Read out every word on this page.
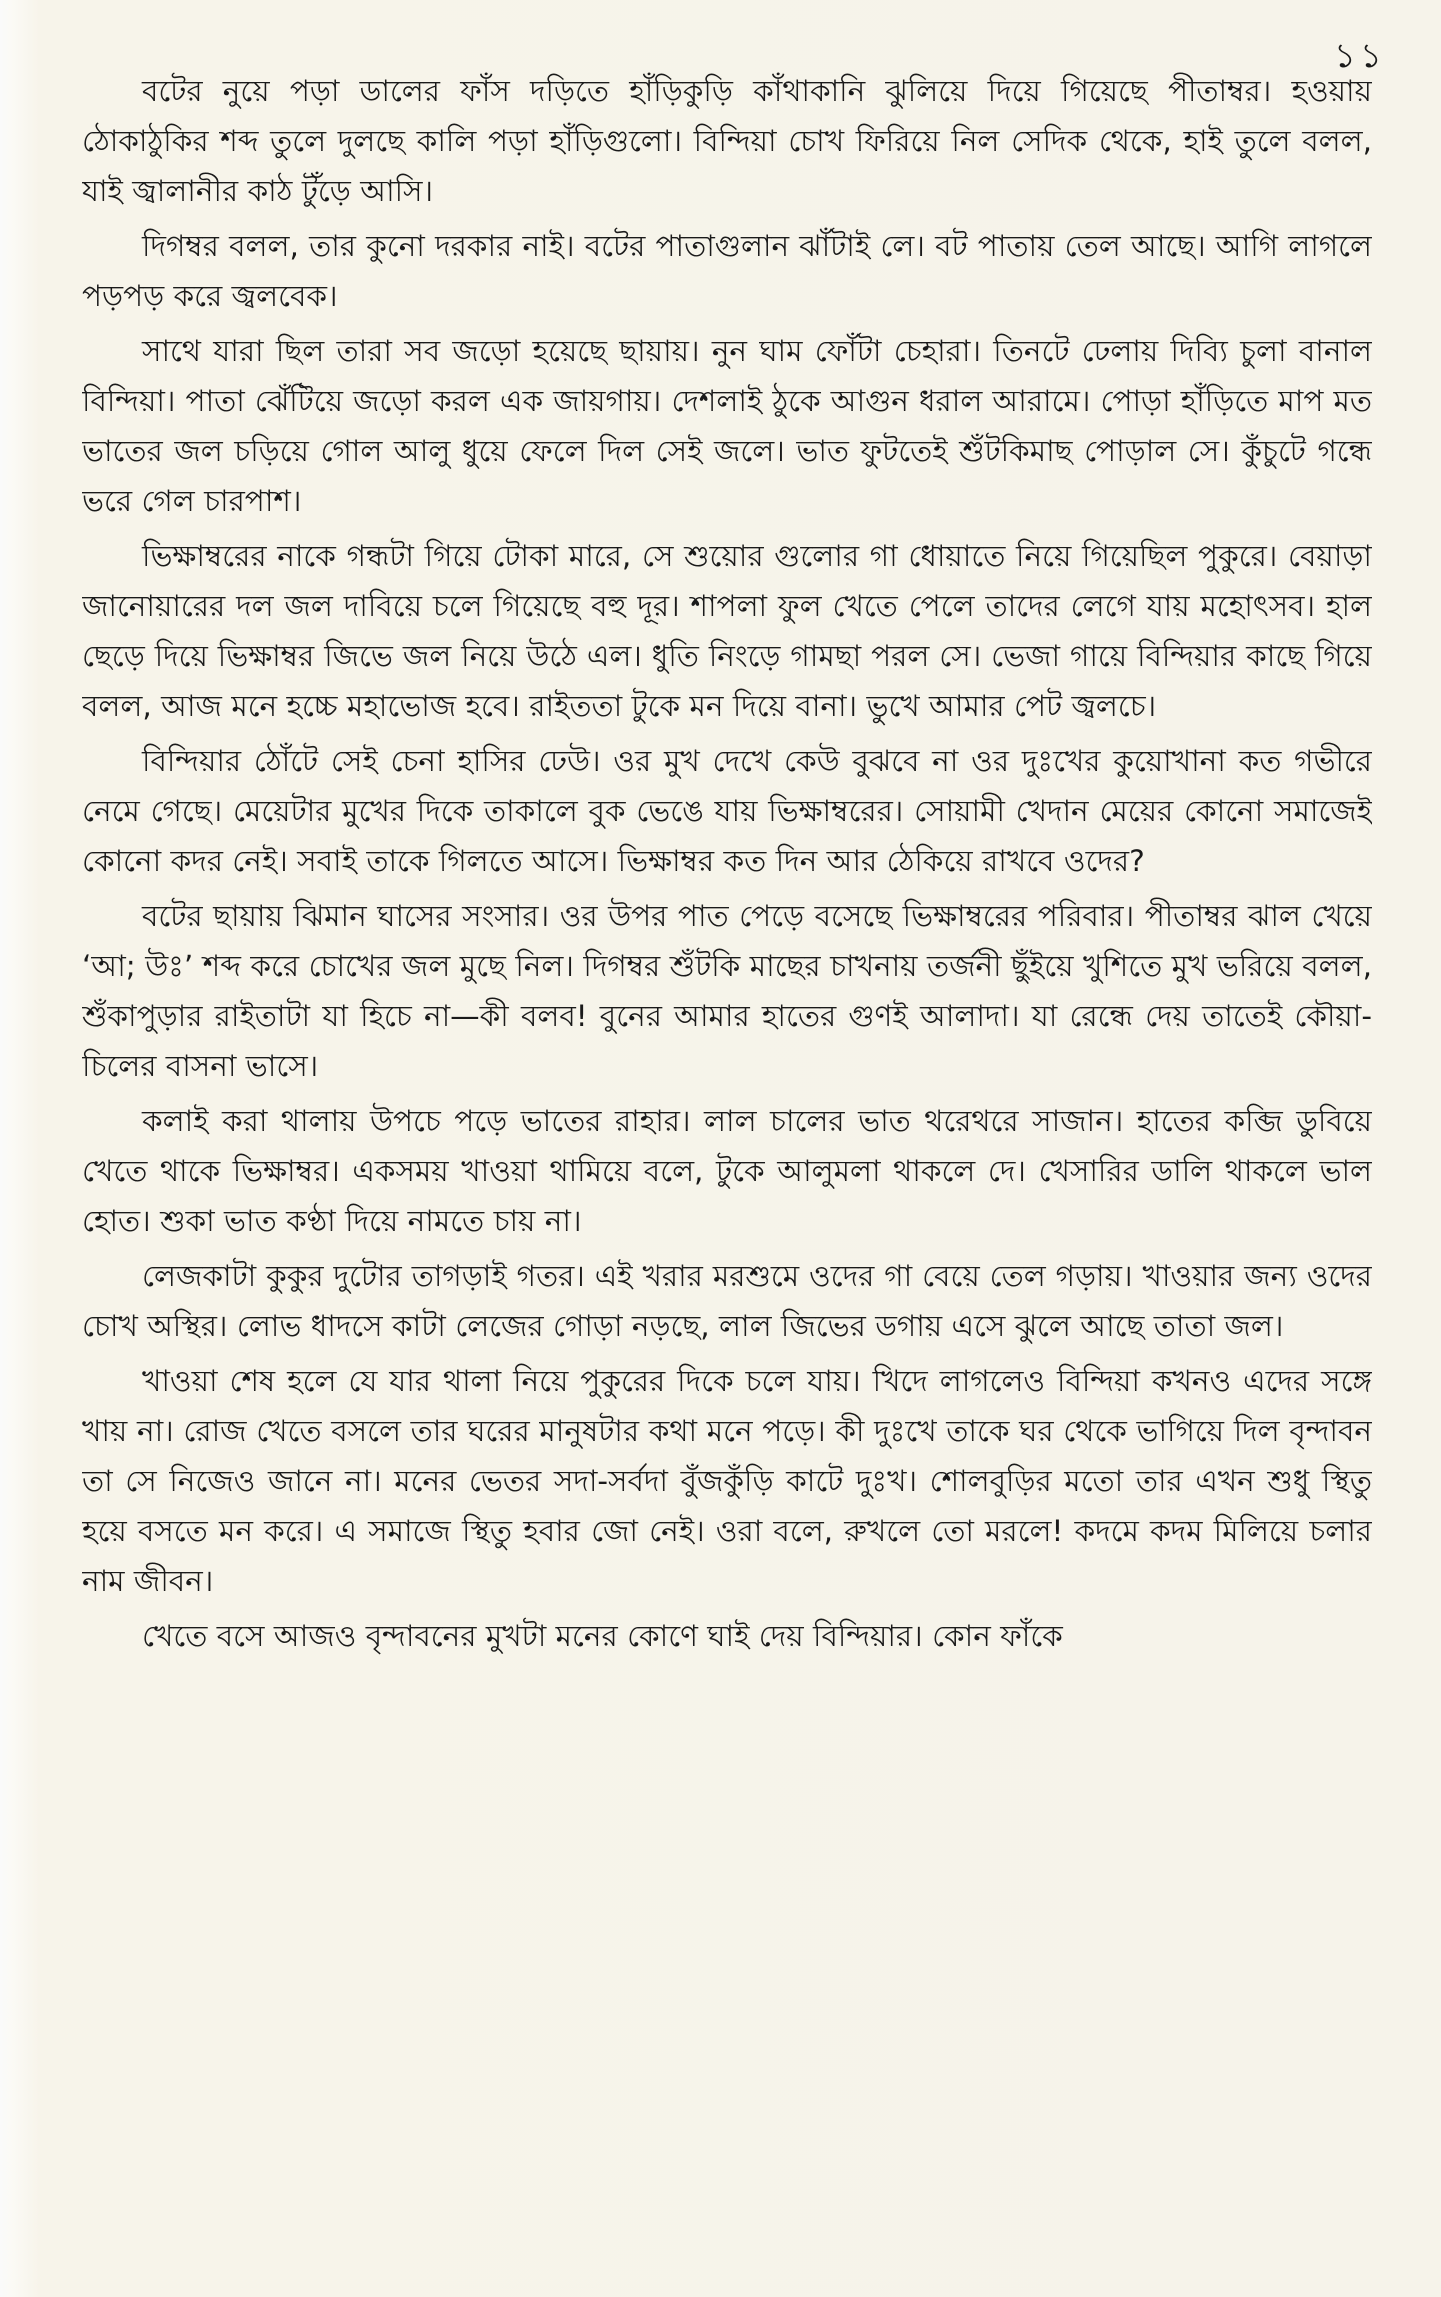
১১

বটের নুয়ে পড়া ডালের ফাঁস দড়িতে হাঁড়িকুড়ি কাঁথাকানি ঝুলিয়ে দিয়ে গিয়েছে পীতাম্বর। হওয়ায় ঠোকাঠুকির শব্দ তুলে দুলছে কালি পড়া হাঁড়িগুলো। বিন্দিয়া চোখ ফিরিয়ে নিল সেদিক থেকে, হাই তুলে বলল, যাই জ্বালানীর কাঠ টুঁড়ে আসি।

দিগম্বর বলল, তার কুনো দরকার নাই। বটের পাতাগুলান ঝাঁটাই লে। বট পাতায় তেল আছে। আগি লাগলে পড়পড় করে জ্বলবেক।

সাথে যারা ছিল তারা সব জড়ো হয়েছে ছায়ায়। নুন ঘাম ফোঁটা চেহারা। তিনটে ঢেলায় দিব্যি চুলা বানাল বিন্দিয়া। পাতা ঝেঁটিয়ে জড়ো করল এক জায়গায়। দেশলাই ঠুকে আগুন ধরাল আরামে। পোড়া হাঁড়িতে মাপ মত ভাতের জল চড়িয়ে গোল আলু ধুয়ে ফেলে দিল সেই জলে। ভাত ফুটতেই শুঁটকিমাছ পোড়াল সে। কুঁচুটে গন্ধে ভরে গেল চারপাশ।

ভিক্ষাম্বরের নাকে গন্ধটা গিয়ে টোকা মারে, সে শুয়োর গুলোর গা ধোয়াতে নিয়ে গিয়েছিল পুকুরে। বেয়াড়া জানোয়ারের দল জল দাবিয়ে চলে গিয়েছে বহু দূর। শাপলা ফুল খেতে পেলে তাদের লেগে যায় মহোৎসব। হাল ছেড়ে দিয়ে ভিক্ষাম্বর জিভে জল নিয়ে উঠে এল। ধুতি নিংড়ে গামছা পরল সে। ভেজা গায়ে বিন্দিয়ার কাছে গিয়ে বলল, আজ মনে হচ্চে মহাভোজ হবে। রাইততা টুকে মন দিয়ে বানা। ভুখে আমার পেট জ্বলচে।

বিন্দিয়ার ঠোঁটে সেই চেনা হাসির ঢেউ। ওর মুখ দেখে কেউ বুঝবে না ওর দুঃখের কুয়োখানা কত গভীরে নেমে গেছে। মেয়েটার মুখের দিকে তাকালে বুক ভেঙে যায় ভিক্ষাম্বরের। সোয়ামী খেদান মেয়ের কোনো সমাজেই কোনো কদর নেই। সবাই তাকে গিলতে আসে। ভিক্ষাম্বর কত দিন আর ঠেকিয়ে রাখবে ওদের?

বটের ছায়ায় ঝিমান ঘাসের সংসার। ওর উপর পাত পেড়ে বসেছে ভিক্ষাম্বরের পরিবার। পীতাম্বর ঝাল খেয়ে ‘আ; উঃ’ শব্দ করে চোখের জল মুছে নিল। দিগম্বর শুঁটকি মাছের চাখনায় তর্জনী ছুঁইয়ে খুশিতে মুখ ভরিয়ে বলল, শুঁকাপুড়ার রাইতাটা যা হিচে না—কী বলব! বুনের আমার হাতের গুণই আলাদা। যা রেন্ধে দেয় তাতেই কৌয়া-চিলের বাসনা ভাসে।

কলাই করা থালায় উপচে পড়ে ভাতের রাহার। লাল চালের ভাত থরেথরে সাজান। হাতের কব্জি ডুবিয়ে খেতে থাকে ভিক্ষাম্বর। একসময় খাওয়া থামিয়ে বলে, টুকে আলুমলা থাকলে দে। খেসারির ডালি থাকলে ভাল হোত। শুকা ভাত কণ্ঠা দিয়ে নামতে চায় না।

লেজকাটা কুকুর দুটোর তাগড়াই গতর। এই খরার মরশুমে ওদের গা বেয়ে তেল গড়ায়। খাওয়ার জন্য ওদের চোখ অস্থির। লোভ ধাদসে কাটা লেজের গোড়া নড়ছে, লাল জিভের ডগায় এসে ঝুলে আছে তাতা জল।

খাওয়া শেষ হলে যে যার থালা নিয়ে পুকুরের দিকে চলে যায়। খিদে লাগলেও বিন্দিয়া কখনও এদের সঙ্গে খায় না। রোজ খেতে বসলে তার ঘরের মানুষটার কথা মনে পড়ে। কী দুঃখে তাকে ঘর থেকে ভাগিয়ে দিল বৃন্দাবন তা সে নিজেও জানে না। মনের ভেতর সদা-সর্বদা বুঁজকুঁড়ি কাটে দুঃখ। শোলবুড়ির মতো তার এখন শুধু স্থিতু হয়ে বসতে মন করে। এ সমাজে স্থিতু হবার জো নেই। ওরা বলে, রুখলে তো মরলে! কদমে কদম মিলিয়ে চলার নাম জীবন।

খেতে বসে আজও বৃন্দাবনের মুখটা মনের কোণে ঘাই দেয় বিন্দিয়ার। কোন ফাঁকে
